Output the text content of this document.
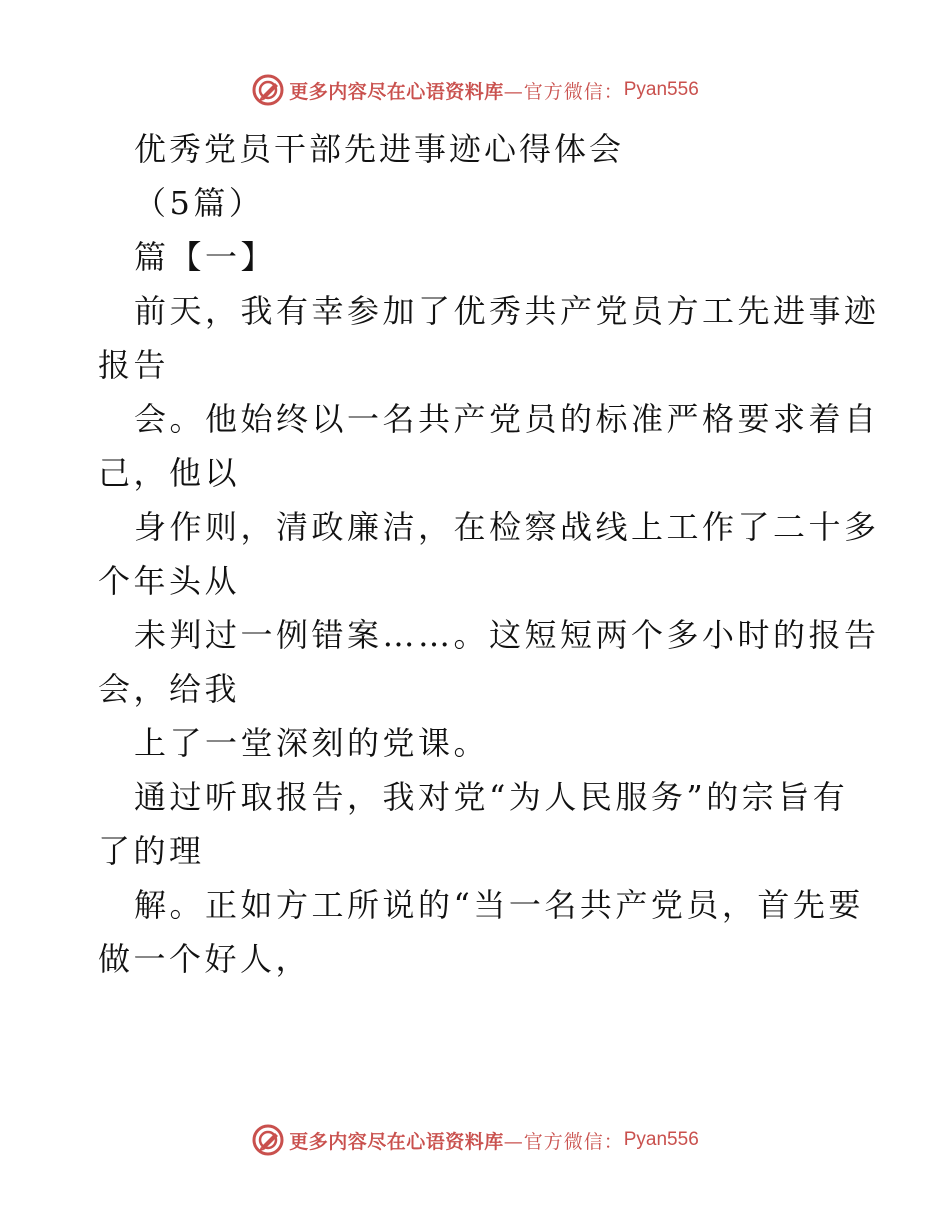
更多内容尽在心语资料库 —官方微信： Pyan556
优秀党员干部先进事迹心得体会
（5篇）
篇【一】
前天，我有幸参加了优秀共产党员方工先进事迹
报告
会。他始终以一名共产党员的标准严格要求着自
己，他以
身作则，清政廉洁，在检察战线上工作了二十多
个年头从
未判过一例错案……。这短短两个多小时的报告
会，给我
上了一堂深刻的党课。
通过听取报告，我对党“为人民服务”的宗旨有
了的理
解。正如方工所说的“当一名共产党员，首先要
做一个好人，
更多内容尽在心语资料库 —官方微信： Pyan556
